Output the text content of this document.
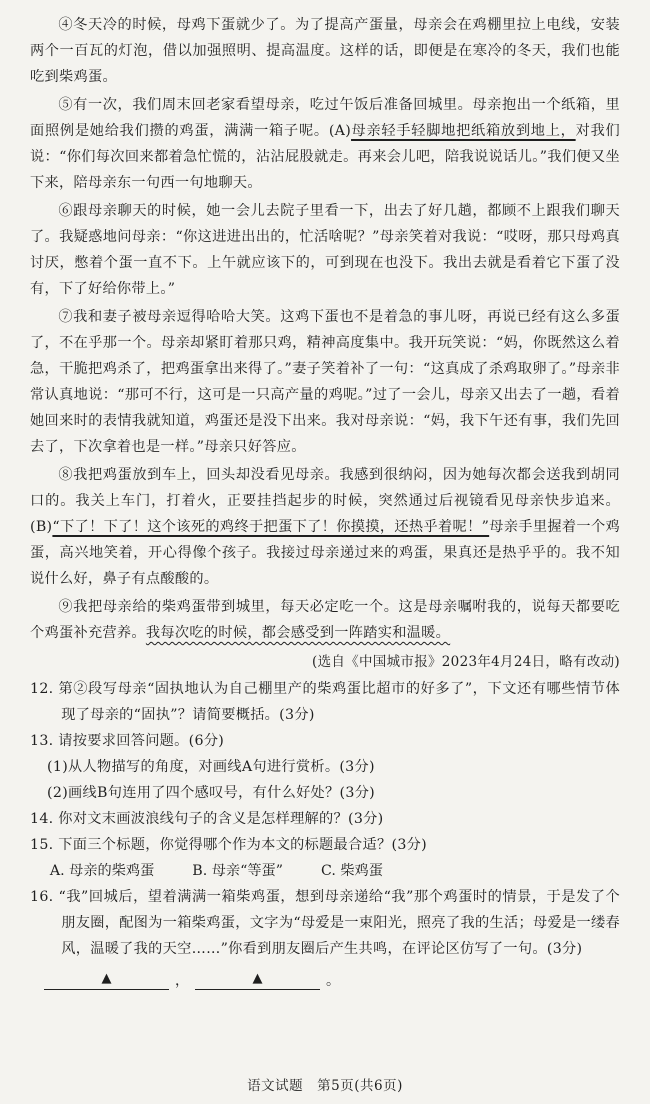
④冬天冷的时候，母鸡下蛋就少了。为了提高产蛋量，母亲会在鸡棚里拉上电线，安装两个一百瓦的灯泡，借以加强照明、提高温度。这样的话，即便是在寒冷的冬天，我们也能吃到柴鸡蛋。

⑤有一次，我们周末回老家看望母亲，吃过午饭后准备回城里。母亲抱出一个纸箱，里面照例是她给我们攒的鸡蛋，满满一箱子呢。(A)母亲轻手轻脚地把纸箱放到地上，对我们说：“你们每次回来都着急忙慌的，沾沾屁股就走。再来会儿吧，陪我说说话儿。”我们便又坐下来，陪母亲东一句西一句地聊天。

⑥跟母亲聊天的时候，她一会儿去院子里看一下，出去了好几趟，都顾不上跟我们聊天了。我疑惑地问母亲：“你这进进出出的，忙活啥呢？”母亲笑着对我说：“哎呀，那只母鸡真讨厌，憋着个蛋一直不下。上午就应该下的，可到现在也没下。我出去就是看着它下蛋了没有，下了好给你带上。”

⑦我和妻子被母亲逗得哈哈大笑。这鸡下蛋也不是着急的事儿呀，再说已经有这么多蛋了，不在乎那一个。母亲却紧盯着那只鸡，精神高度集中。我开玩笑说：“妈，你既然这么着急，干脆把鸡杀了，把鸡蛋拿出来得了。”妻子笑着补了一句：“这真成了杀鸡取卵了。”母亲非常认真地说：“那可不行，这可是一只高产量的鸡呢。”过了一会儿，母亲又出去了一趟，看着她回来时的表情我就知道，鸡蛋还是没下出来。我对母亲说：“妈，我下午还有事，我们先回去了，下次拿着也是一样。”母亲只好答应。

⑧我把鸡蛋放到车上，回头却没看见母亲。我感到很纳闷，因为她每次都会送我到胡同口的。我关上车门，打着火，正要挂挡起步的时候，突然通过后视镜看见母亲快步追来。(B)“下了！下了！这个该死的鸡终于把蛋下了！你摸摸，还热乎着呢！”母亲手里握着一个鸡蛋，高兴地笑着，开心得像个孩子。我接过母亲递过来的鸡蛋，果真还是热乎乎的。我不知说什么好，鼻子有点酸酸的。

⑨我把母亲给的柴鸡蛋带到城里，每天必定吃一个。这是母亲嘱咐我的，说每天都要吃个鸡蛋补充营养。我每次吃的时候，都会感受到一阵踏实和温暖。

(选自《中国城市报》2023年4月24日，略有改动)

12. 第②段写母亲“固执地认为自己棚里产的柴鸡蛋比超市的好多了”，下文还有哪些情节体现了母亲的“固执”？请简要概括。(3分)

13. 请按要求回答问题。(6分)

(1)从人物描写的角度，对画线A句进行赏析。(3分)

(2)画线B句连用了四个感叹号，有什么好处？(3分)

14. 你对文末画波浪线句子的含义是怎样理解的？(3分)

15. 下面三个标题，你觉得哪个作为本文的标题最合适？(3分)

A. 母亲的柴鸡蛋	B. 母亲“等蛋”	C. 柴鸡蛋

16. “我”回城后，望着满满一箱柴鸡蛋，想到母亲递给“我”那个鸡蛋时的情景，于是发了个朋友圈，配图为一箱柴鸡蛋，文字为“母爱是一束阳光，照亮了我的生活；母爱是一缕春风，温暖了我的天空……”你看到朋友圈后产生共鸣，在评论区仿写了一句。(3分)

▲	，	▲	。
语文试题　第5页(共6页)
